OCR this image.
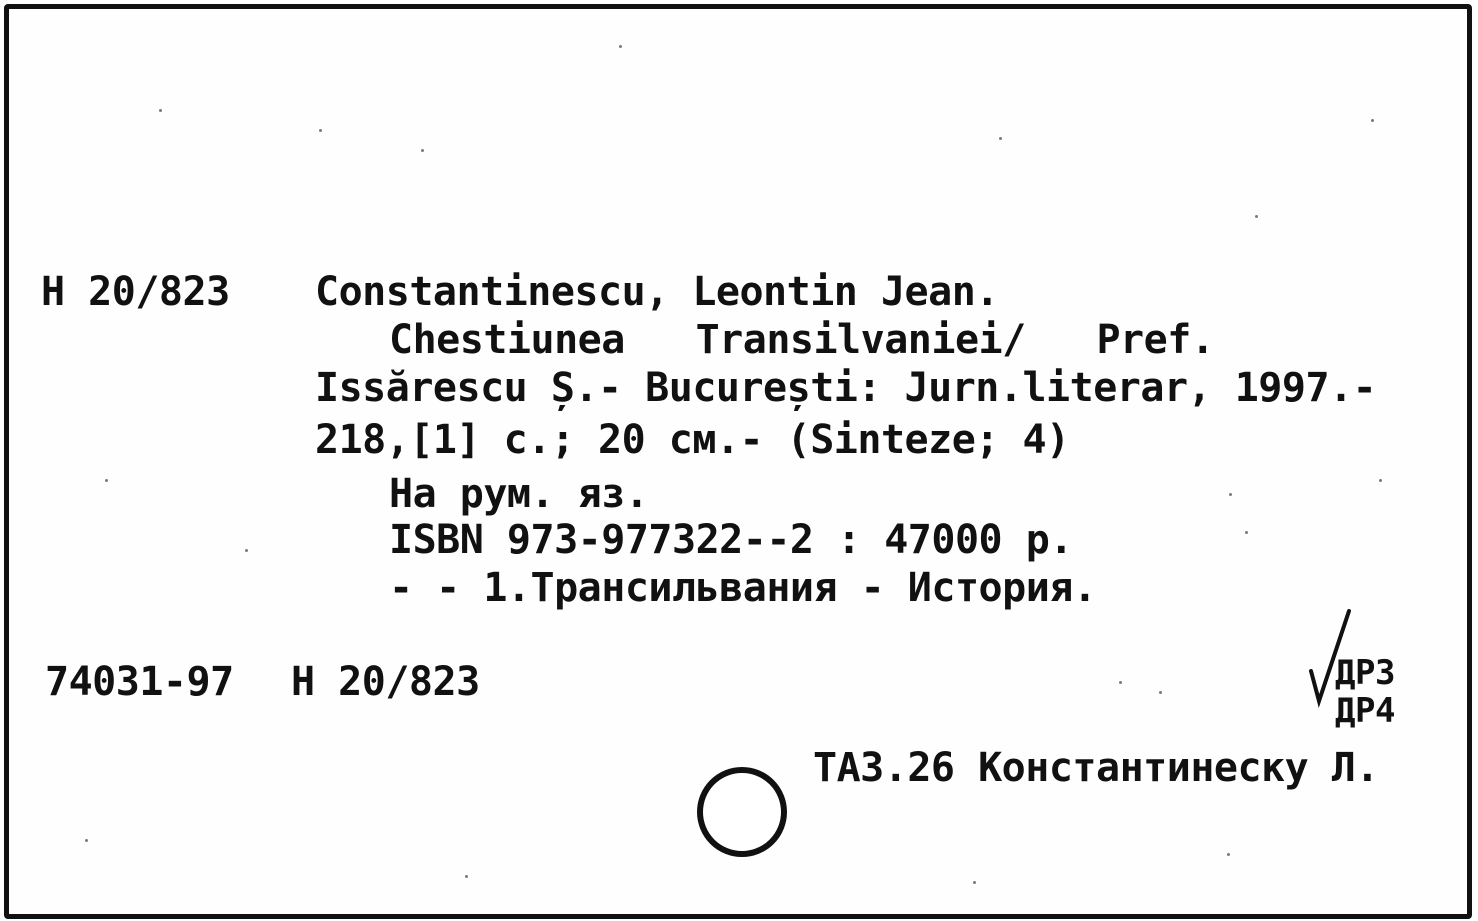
Н 20/823 Constantinescu, Leontin Jean.
Chestiunea   Transilvaniei/   Pref.
Issărescu Ș.- București: Jurn.literar, 1997.-
218,[1] с.; 20 см.- (Sinteze; 4)
На рум. яз.
ISBN 973-977322--2 : 47000 р.
- - 1.Трансильвания - История.
74031-97 Н 20/823	ДР3
ДР4
ТА3.26 Константинеску Л.
